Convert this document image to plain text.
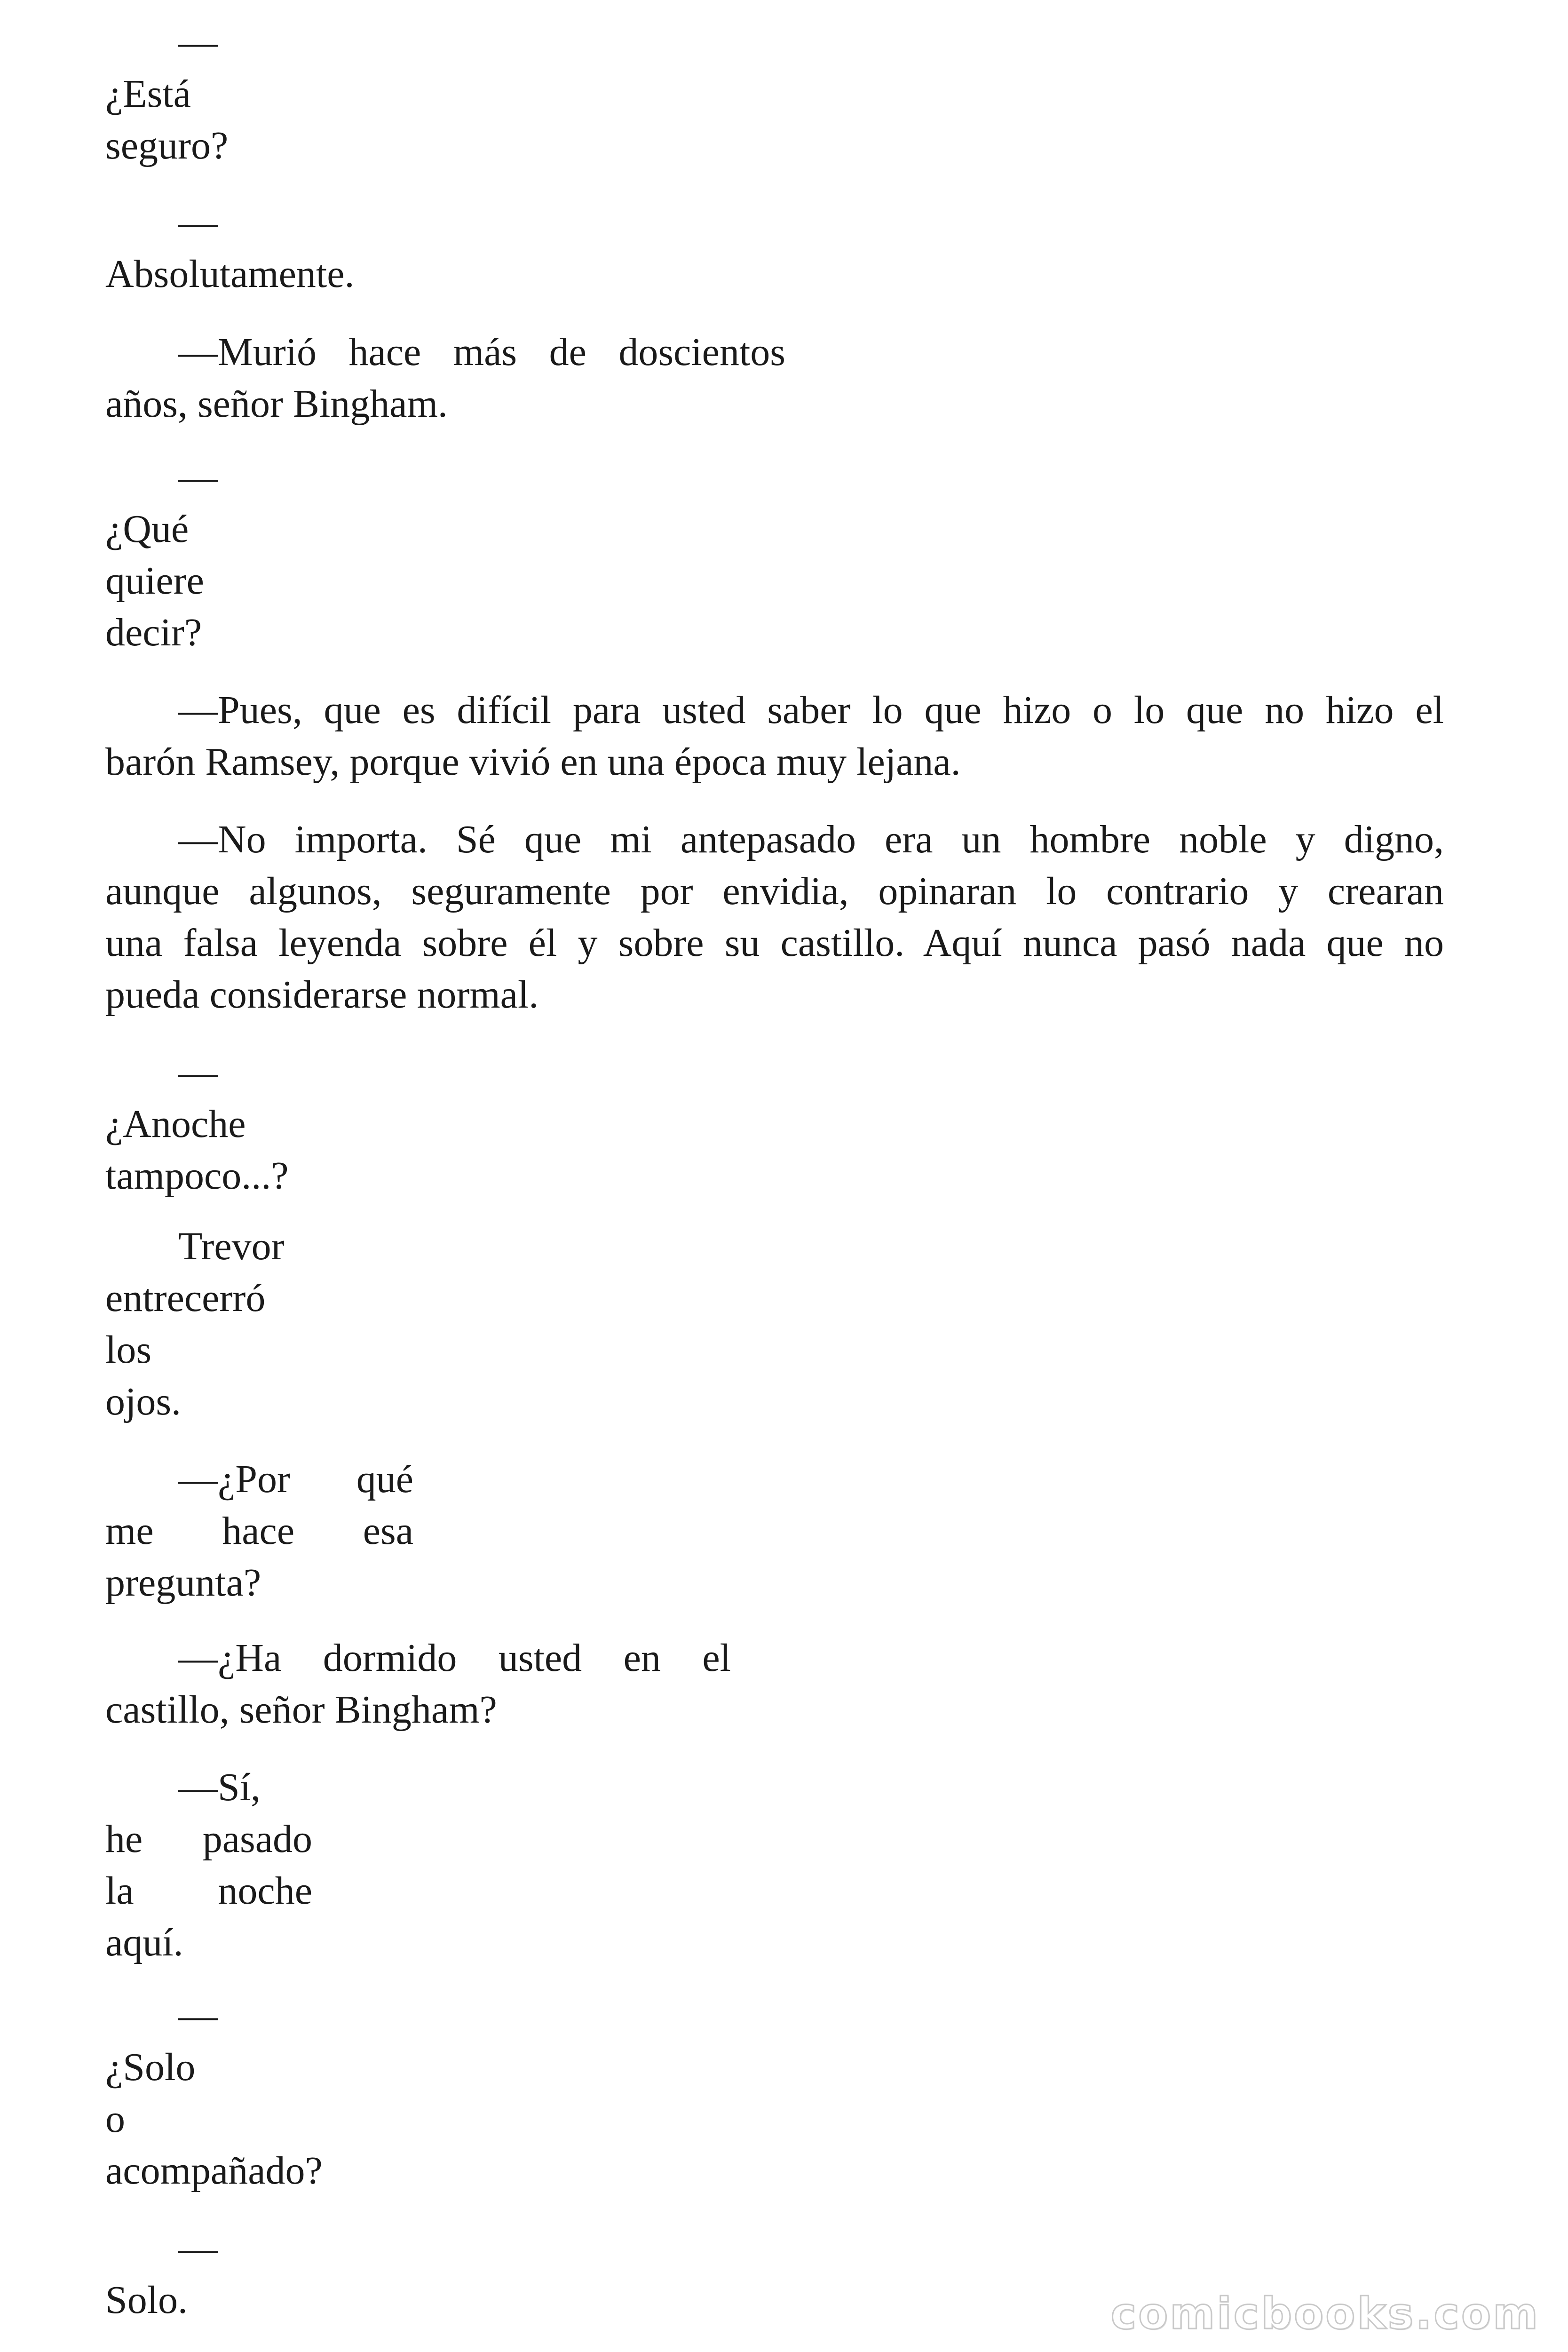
—
¿Está
seguro?
—
Absolutamente.
—Murió hace más de doscientos
años, señor Bingham.
—
¿Qué
quiere
decir?
—Pues, que es difícil para usted saber lo que hizo o lo que no hizo el
barón Ramsey, porque vivió en una época muy lejana.
—No importa. Sé que mi antepasado era un hombre noble y digno,
aunque algunos, seguramente por envidia, opinaran lo contrario y crearan
una falsa leyenda sobre él y sobre su castillo. Aquí nunca pasó nada que no
pueda considerarse normal.
—
¿Anoche
tampoco...?
Trevor
entrecerró
los
ojos.
—¿Por qué
me hace esa
pregunta?
—¿Ha dormido usted en el
castillo, señor Bingham?
—Sí,
he pasado
la noche
aquí.
—
¿Solo
o
acompañado?
—
Solo.	comicbooks.com
